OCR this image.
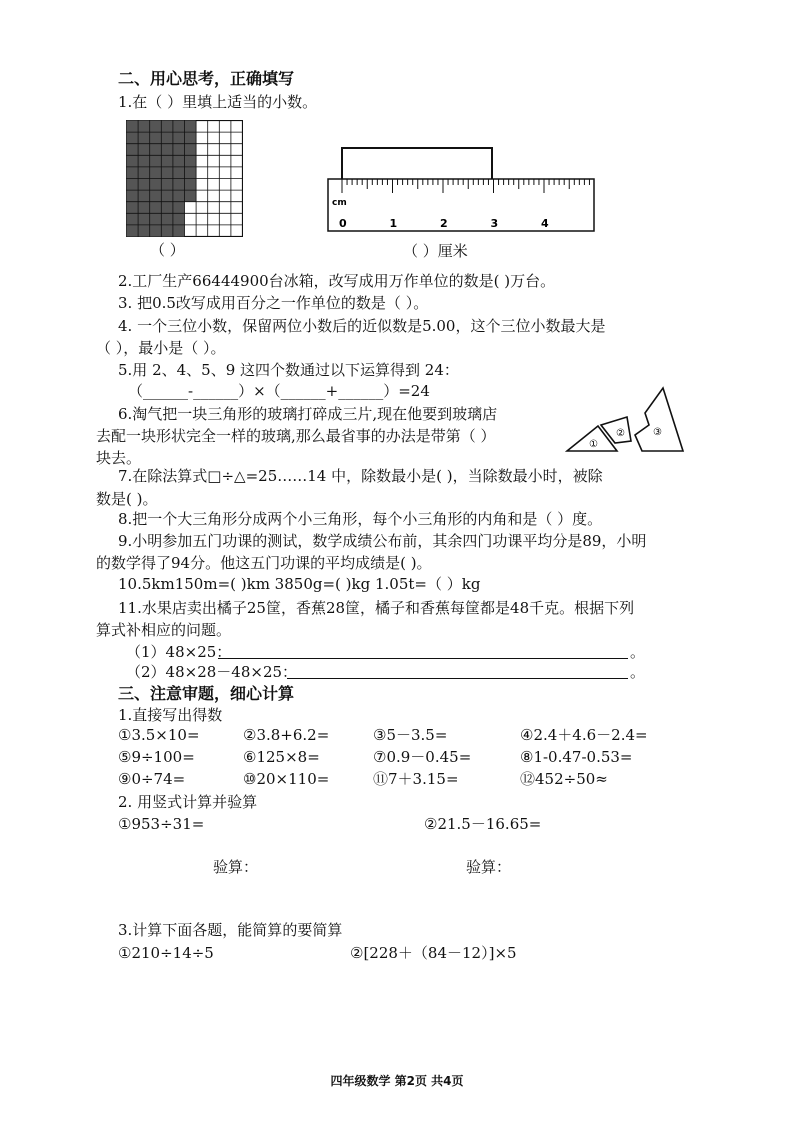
二、用心思考，正确填写
1.在（ ）里填上适当的小数。
（ ）
cm
0	1	2	3	4
（ ）厘米
2.工厂生产66444900台冰箱，改写成用万作单位的数是( )万台。
3. 把0.5改写成用百分之一作单位的数是（ ）。
4. 一个三位小数，保留两位小数后的近似数是5.00，这个三位小数最大是
（ ），最小是（ ）。
5.用 2、4、5、9 这四个数通过以下运算得到 24：
（______-______）×（______+______）=24
6.淘气把一块三角形的玻璃打碎成三片,现在他要到玻璃店
去配一块形状完全一样的玻璃,那么最省事的办法是带第（ ）
块去。
①
②	③
7.在除法算式□÷△=25……14 中，除数最小是( )，当除数最小时，被除
数是( )。
8.把一个大三角形分成两个小三角形，每个小三角形的内角和是（ ）度。
9.小明参加五门功课的测试，数学成绩公布前，其余四门功课平均分是89，小明
的数学得了94分。他这五门功课的平均成绩是( )。
10.5km150m=( )km 3850g=( )kg 1.05t=（ ）kg
11.水果店卖出橘子25筐，香蕉28筐，橘子和香蕉每筐都是48千克。根据下列
算式补相应的问题。
（1）48×25：	。
（2）48×28－48×25：	。
三、注意审题，细心计算
1.直接写出得数
①3.5×10=	②3.8+6.2=	③5－3.5=	④2.4＋4.6－2.4=
⑤9÷100=	⑥125×8=	⑦0.9－0.45=	⑧1-0.47-0.53=
⑨0÷74=	⑩20×110=	⑪7＋3.15=	⑫452÷50≈
2. 用竖式计算并验算
①953÷31=	②21.5－16.65=
验算：	验算：
3.计算下面各题，能简算的要简算
①210÷14÷5	②[228＋（84－12）]×5
四年级数学 第2页 共4页
